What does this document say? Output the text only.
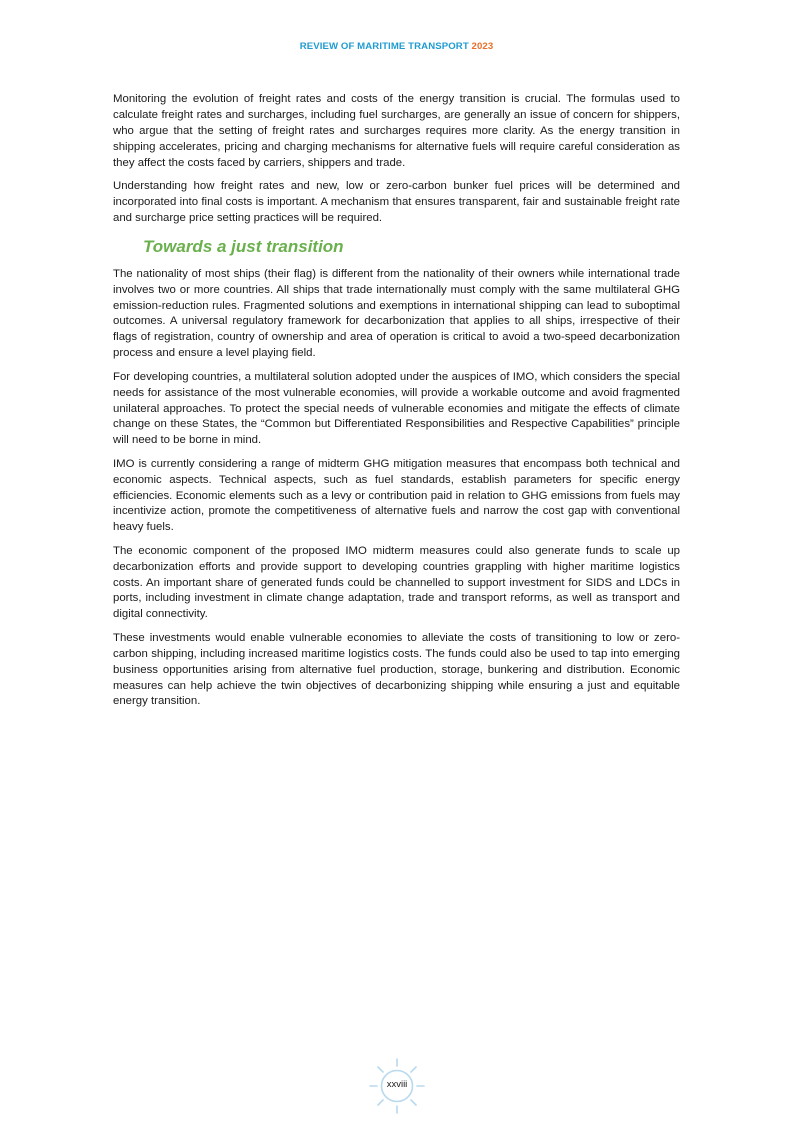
REVIEW OF MARITIME TRANSPORT 2023

Monitoring the evolution of freight rates and costs of the energy transition is crucial. The formulas used to calculate freight rates and surcharges, including fuel surcharges, are generally an issue of concern for shippers, who argue that the setting of freight rates and surcharges requires more clarity. As the energy transition in shipping accelerates, pricing and charging mechanisms for alternative fuels will require careful consideration as they affect the costs faced by carriers, shippers and trade.

Understanding how freight rates and new, low or zero-carbon bunker fuel prices will be determined and incorporated into final costs is important. A mechanism that ensures transparent, fair and sustainable freight rate and surcharge price setting practices will be required.

Towards a just transition

The nationality of most ships (their flag) is different from the nationality of their owners while international trade involves two or more countries. All ships that trade internationally must comply with the same multilateral GHG emission-reduction rules. Fragmented solutions and exemptions in international shipping can lead to suboptimal outcomes. A universal regulatory framework for decarbonization that applies to all ships, irrespective of their flags of registration, country of ownership and area of operation is critical to avoid a two-speed decarbonization process and ensure a level playing field.

For developing countries, a multilateral solution adopted under the auspices of IMO, which considers the special needs for assistance of the most vulnerable economies, will provide a workable outcome and avoid fragmented unilateral approaches. To protect the special needs of vulnerable economies and mitigate the effects of climate change on these States, the “Common but Differentiated Responsibilities and Respective Capabilities” principle will need to be borne in mind.

IMO is currently considering a range of midterm GHG mitigation measures that encompass both technical and economic aspects. Technical aspects, such as fuel standards, establish parameters for specific energy efficiencies. Economic elements such as a levy or contribution paid in relation to GHG emissions from fuels may incentivize action, promote the competitiveness of alternative fuels and narrow the cost gap with conventional heavy fuels.

The economic component of the proposed IMO midterm measures could also generate funds to scale up decarbonization efforts and provide support to developing countries grappling with higher maritime logistics costs. An important share of generated funds could be channelled to support investment for SIDS and LDCs in ports, including investment in climate change adaptation, trade and transport reforms, as well as transport and digital connectivity.

These investments would enable vulnerable economies to alleviate the costs of transitioning to low or zero-carbon shipping, including increased maritime logistics costs. The funds could also be used to tap into emerging business opportunities arising from alternative fuel production, storage, bunkering and distribution. Economic measures can help achieve the twin objectives of decarbonizing shipping while ensuring a just and equitable energy transition.

xxviii
